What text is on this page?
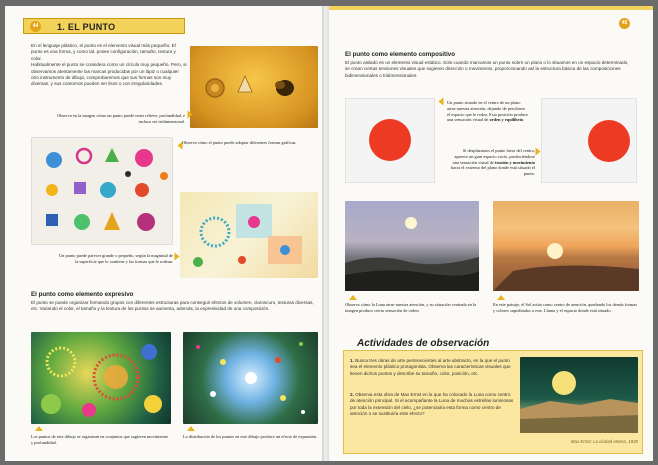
44	1. EL PUNTO
En el lenguaje plástico, el punto es el elemento visual más pequeño. El punto es una forma, y como tal, posee configuración, tamaño, textura y color.
Habitualmente el punto se considera como un círculo muy pequeño. Pero, si observamos atentamente las marcas producidas por un lápiz o cualquier otro instrumento de dibujo, comprobaremos que sus formas son muy diversas, y sus contornos pueden ser lisos o con irregularidades.
Observa en la imagen cómo un punto puede tener relieve, profundidad, e incluso ser tridimensional.
Observa cómo el punto puede adoptar diferentes formas gráficas.
Un punto puede parecer grande o pequeño, según la magnitud de la superficie que lo contiene y las formas que le rodean.
El punto como elemento expresivo
El punto se puede organizar formando grupos con diferentes estructuras para conseguir efectos de volumen, claroscuro, texturas diversas, etc. Variando el color, el tamaño y la textura de los puntos se aumenta, además, la expresividad de una composición.
Los puntos de este dibujo se organizan en conjuntos que sugieren movimiento y profundidad.
La distribución de los puntos en este dibujo produce un efecto de expansión.
45
El punto como elemento compositivo
El punto aislado es un elemento visual estático. Solo cuando marcamos un punto sobre un plano o lo situamos en un espacio determinado, se crean ciertas tensiones visuales que sugieren dirección o movimiento, proporcionando así la estructura básica de las composiciones bidimensionales o tridimensionales.
Un punto situado en el centro de un plano atrae nuestra atención, dejando de percibirse el espacio que le rodea. Esta posición produce una sensación visual de orden y equilibrio.
Si desplazamos el punto fuera del centro, aparece un gran espacio vacío, produciéndose una sensación visual de tensión y movimiento hacia el extremo del plano donde está situado el punto.
Observa cómo la Luna atrae nuestra atención, y su situación centrada en la imagen produce cierta sensación de orden.
En este paisaje, el Sol actúa como centro de atención, quedando los demás formas y colores supeditados a este. Llama y el espacio donde está situado.
Actividades de observación
1. Busca tres obras de arte pertenecientes al arte abstracto, en la que el punto sea el elemento plástico protagonista. Observa las características visuales que tienen dichos puntos y describe su tamaño, color, posición, etc.
2. Observa esta obra de Max Ernst en la que ha colocado la Luna como centro de atención principal. Si el acompañante la Luna de muchas estrellas luminosas por toda la extensión del cielo, ¿se potenciaría esta forma como centro de atención o se sustituiría este efecto?
Max Ernst: La ciudad entera, 1935
